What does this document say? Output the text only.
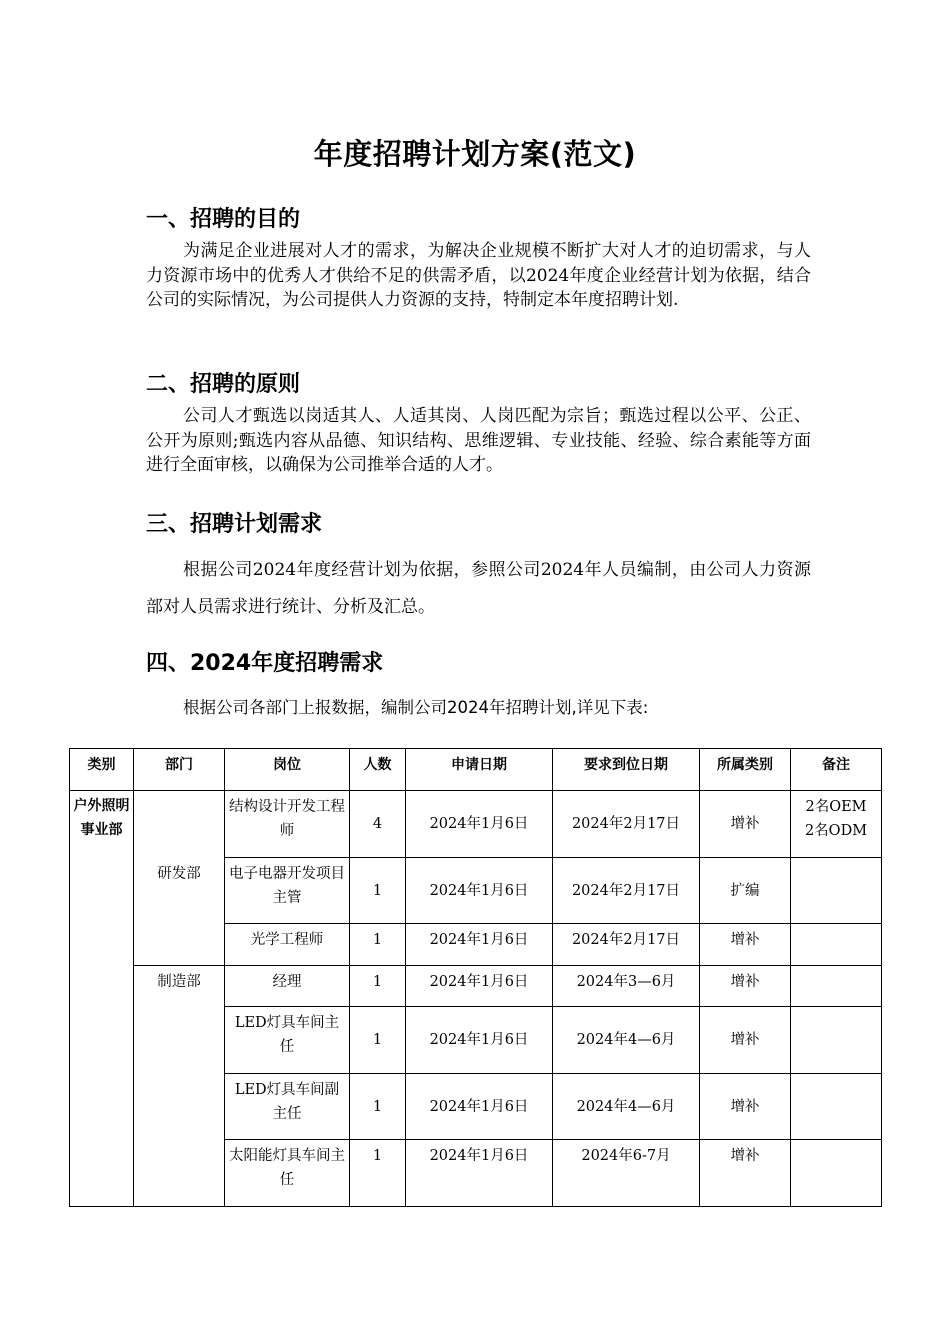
年度招聘计划方案(范文)
一、招聘的目的
为满足企业进展对人才的需求，为解决企业规模不断扩大对人才的迫切需求，与人力资源市场中的优秀人才供给不足的供需矛盾，以2024年度企业经营计划为依据，结合公司的实际情况，为公司提供人力资源的支持，特制定本年度招聘计划.
二、招聘的原则
公司人才甄选以岗适其人、人适其岗、人岗匹配为宗旨；甄选过程以公平、公正、公开为原则;甄选内容从品德、知识结构、思维逻辑、专业技能、经验、综合素能等方面进行全面审核，以确保为公司推举合适的人才。
三、招聘计划需求
根据公司2024年度经营计划为依据，参照公司2024年人员编制，由公司人力资源部对人员需求进行统计、分析及汇总。
四、2024年度招聘需求
根据公司各部门上报数据，编制公司2024年招聘计划,详见下表:
类别	部门	岗位	人数	申请日期	要求到位日期	所属类别	备注
户外照明事业部	研发部	结构设计开发工程师	4	2024年1月6日	2024年2月17日	增补	2名OEM
2名ODM

		电子电器开发项目主管	1	2024年1月6日	2024年2月17日	扩编	
		光学工程师	1	2024年1月6日	2024年2月17日	增补	
	制造部	经理	1	2024年1月6日	2024年3—6月	增补	
		LED灯具车间主任	1	2024年1月6日	2024年4—6月	增补	
		LED灯具车间副主任	1	2024年1月6日	2024年4—6月	增补	
		太阳能灯具车间主任	1	2024年1月6日	2024年6-7月	增补	
